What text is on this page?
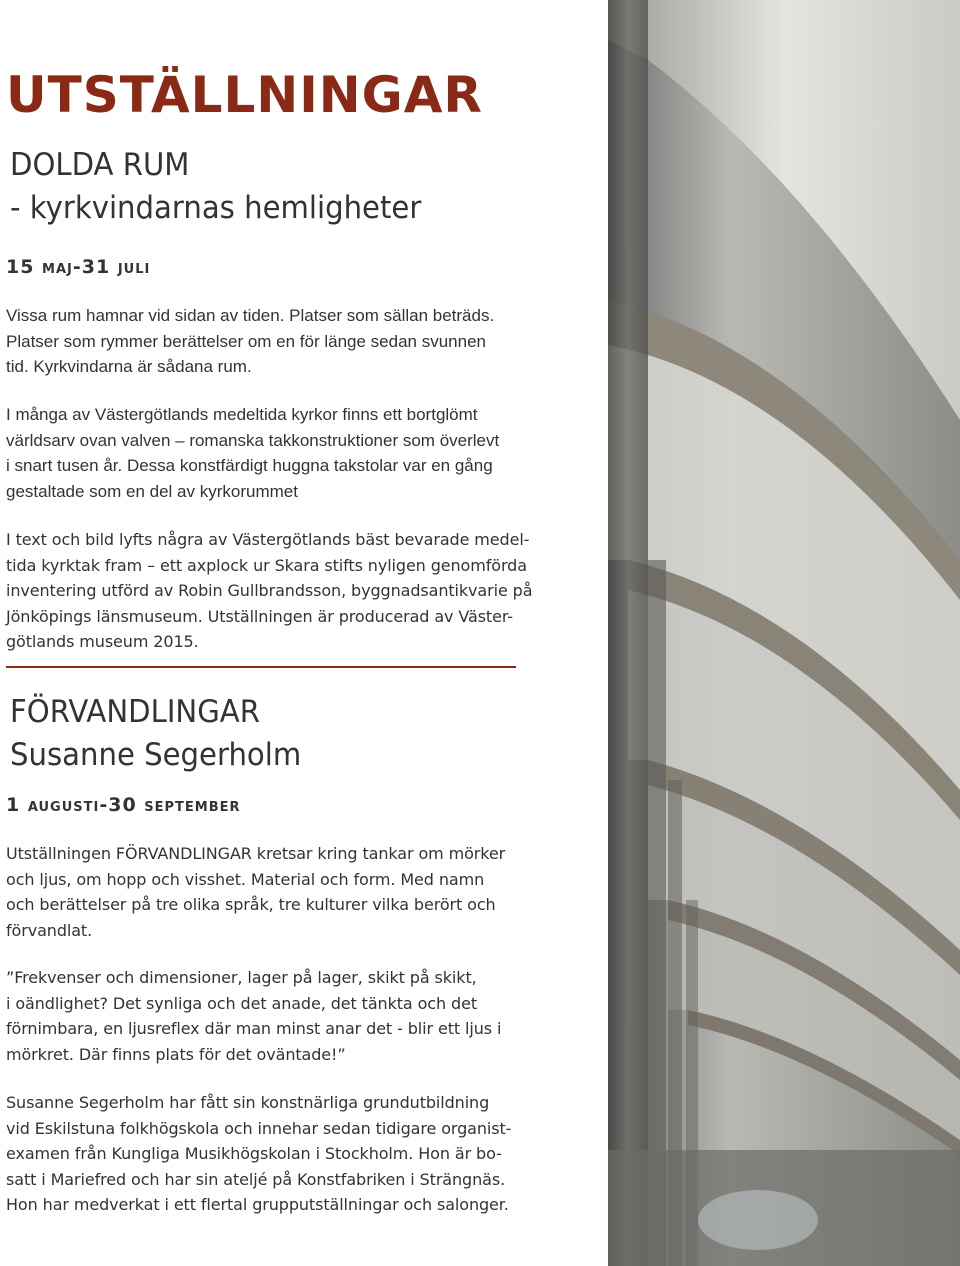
UTSTÄLLNINGAR
DOLDA RUM
- kyrkvindarnas hemligheter
15 maj-31 juli
Vissa rum hamnar vid sidan av tiden. Platser som sällan beträds.
Platser som rymmer berättelser om en för länge sedan svunnen
tid. Kyrkvindarna är sådana rum.
I många av Västergötlands medeltida kyrkor finns ett bortglömt
världsarv ovan valven – romanska takkonstruktioner som överlevt
i snart tusen år. Dessa konstfärdigt huggna takstolar var en gång
gestaltade som en del av kyrkorummet
I text och bild lyfts några av Västergötlands bäst bevarade medel-
tida kyrktak fram – ett axplock ur Skara stifts nyligen genomförda
inventering utförd av Robin Gullbrandsson, byggnadsantikvarie på
Jönköpings länsmuseum. Utställningen är producerad av Väster-
götlands museum 2015.
FÖRVANDLINGAR
Susanne Segerholm
1 augusti-30 september
Utställningen FÖRVANDLINGAR kretsar kring tankar om mörker
och ljus, om hopp och visshet. Material och form. Med namn
och berättelser på tre olika språk, tre kulturer vilka berört och
förvandlat.
”Frekvenser och dimensioner, lager på lager, skikt på skikt,
i oändlighet? Det synliga och det anade, det tänkta och det
förnimbara, en ljusreflex där man minst anar det - blir ett ljus i
mörkret. Där finns plats för det oväntade!”
Susanne Segerholm har fått sin konstnärliga grundutbildning
vid Eskilstuna folkhögskola och innehar sedan tidigare organist-
examen från Kungliga Musikhögskolan i Stockholm. Hon är bo-
satt i Mariefred och har sin ateljé på Konstfabriken i Strängnäs.
Hon har medverkat i ett flertal grupputställningar och salonger.
